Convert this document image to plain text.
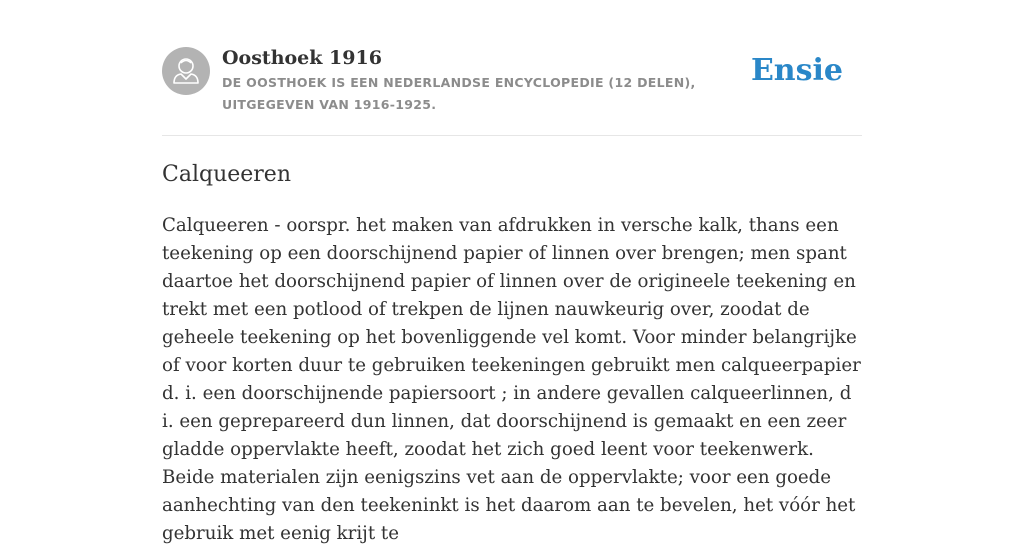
Oosthoek 1916
DE OOSTHOEK IS EEN NEDERLANDSE ENCYCLOPEDIE (12 DELEN), UITGEGEVEN VAN 1916-1925.
Ensie
Calqueeren

Calqueeren - oorspr. het maken van afdrukken in versche kalk, thans een teekening op een doorschijnend papier of linnen over brengen; men spant daartoe het doorschijnend papier of linnen over de origineele teekening en trekt met een potlood of trekpen de lijnen nauwkeurig over, zoodat de geheele teekening op het bovenliggende vel komt. Voor minder belangrijke of voor korten duur te gebruiken teekeningen gebruikt men calqueerpapier d. i. een doorschijnende papiersoort ; in andere gevallen calqueerlinnen, d i. een geprepareerd dun linnen, dat doorschijnend is gemaakt en een zeer gladde oppervlakte heeft, zoodat het zich goed leent voor teekenwerk. Beide materialen zijn eenigszins vet aan de oppervlakte; voor een goede aanhechting van den teekeninkt is het daarom aan te bevelen, het vóór het gebruik met eenig krijt te
